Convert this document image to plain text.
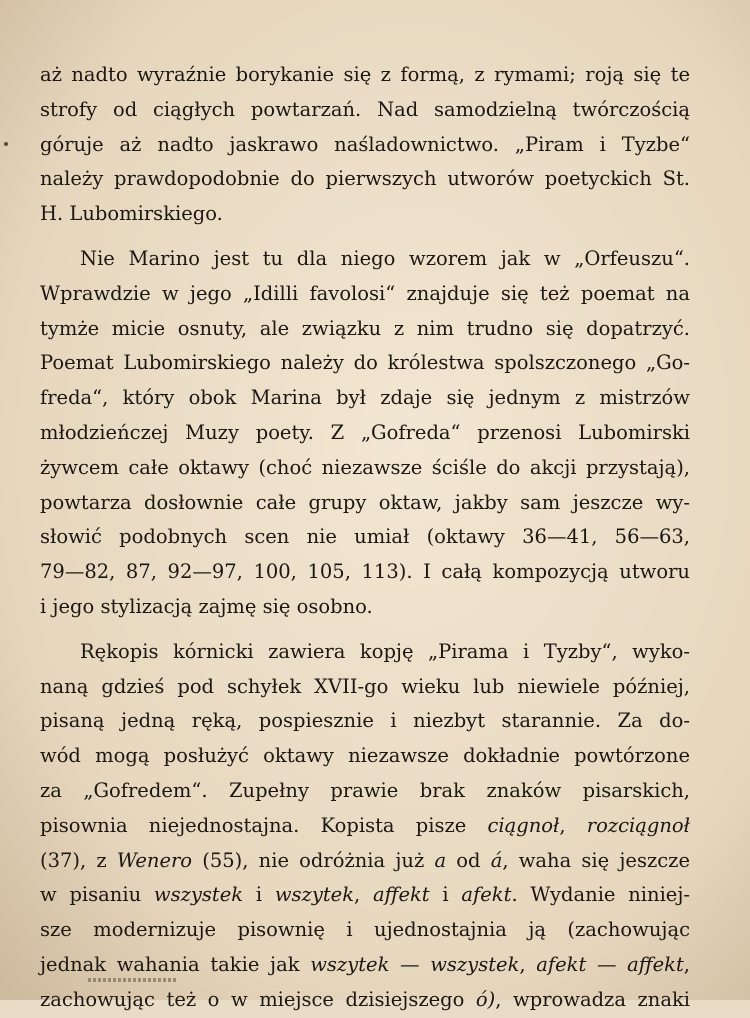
aż nadto wyraźnie borykanie się z formą, z rymami; roją się te
strofy od ciągłych powtarzań. Nad samodzielną twórczością
góruje aż nadto jaskrawo naśladownictwo. „Piram i Tyzbe“
należy prawdopodobnie do pierwszych utworów poetyckich St.
H. Lubomirskiego.
Nie Marino jest tu dla niego wzorem jak w „Orfeuszu“.
Wprawdzie w jego „Idilli favolosi“ znajduje się też poemat na
tymże micie osnuty, ale związku z nim trudno się dopatrzyć.
Poemat Lubomirskiego należy do królestwa spolszczonego „Go-
freda“, który obok Marina był zdaje się jednym z mistrzów
młodzieńczej Muzy poety. Z „Gofreda“ przenosi Lubomirski
żywcem całe oktawy (choć niezawsze ściśle do akcji przystają),
powtarza dosłownie całe grupy oktaw, jakby sam jeszcze wy-
słowić podobnych scen nie umiał (oktawy 36—41, 56—63,
79—82, 87, 92—97, 100, 105, 113). I całą kompozycją utworu
i jego stylizacją zajmę się osobno.
Rękopis kórnicki zawiera kopję „Pirama i Tyzby“, wyko-
naną gdzieś pod schyłek XVII-go wieku lub niewiele później,
pisaną jedną ręką, pospiesznie i niezbyt starannie. Za do-
wód mogą posłużyć oktawy niezawsze dokładnie powtórzone
za „Gofredem“. Zupełny prawie brak znaków pisarskich,
pisownia niejednostajna. Kopista pisze ciągnoł, rozciągnoł
(37), z Wenero (55), nie odróżnia już a od á, waha się jeszcze
w pisaniu wszystek i wszytek, affekt i afekt. Wydanie niniej-
sze modernizuje pisownię i ujednostajnia ją (zachowując
jednak wahania takie jak wszytek — wszystek, afekt — affekt,
zachowując też o w miejsce dzisiejszego ó), wprowadza znaki
